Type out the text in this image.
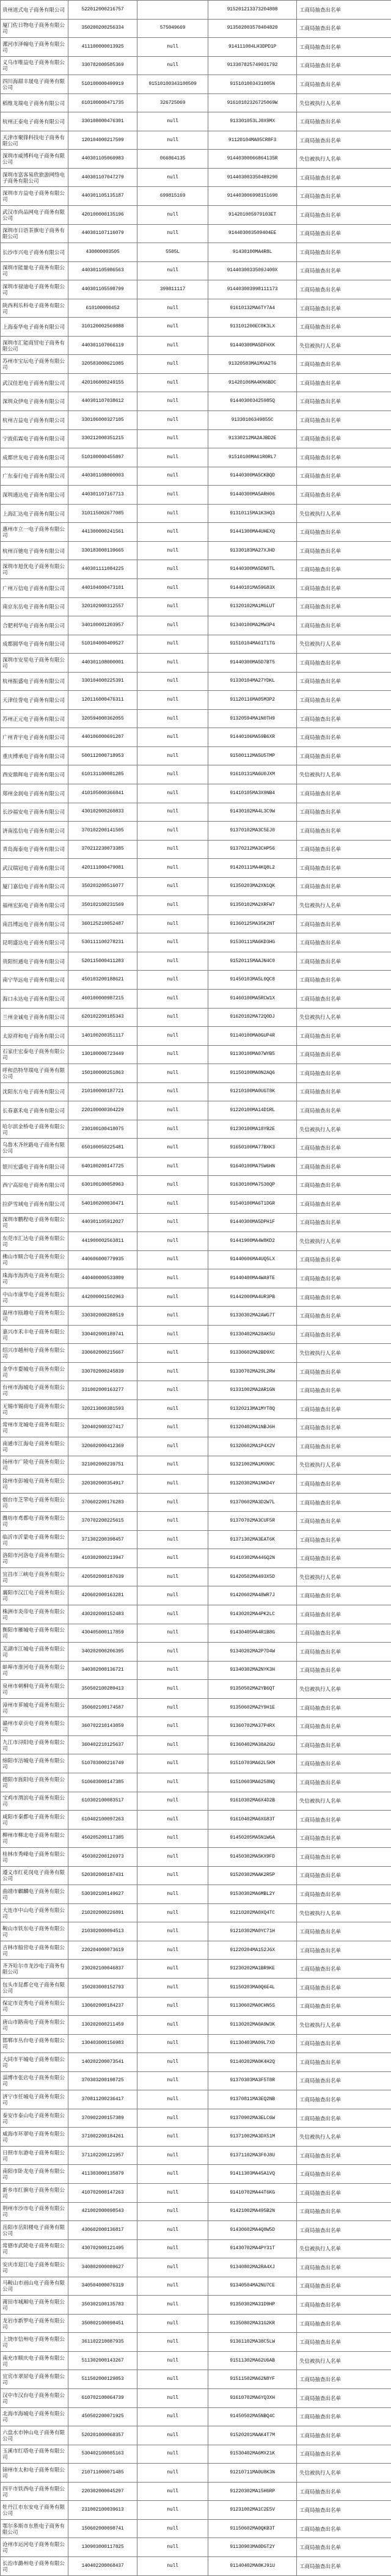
贵州道式电子商务有限公司	522012000216757		915201213373204808	工商局抽查出名单
厦门佐日物电子商务有限公司	350200200256334	575049669	913502003570404820	工商局抽查出名单
漯河市泽翰电子商务有限公司	411100000013925	null	914111004LH3DPD1P	工商局抽查出名单
义乌市唯益电子商务有限公司	330782000585369	null	913307825749031792	工商局抽查出名单
四川海甜丰晟电子商务有限公司	510100000499919	91510100343100509	915101003431005N	工商局抽查出名单
稻维龙瑞电子商务有限公司	610100000471735	326725069	91610102326725069W	失信被执行人名单
杭州正泰电子商务有限公司	330108000476301	null	913301053LJ0X9MX	工商局抽查出名单
天津市聚锋科技电子商务有限公司	120104000217599	null	91120104MA05CR8F3	工商局抽查出名单
深圳市威博科电子商务有限公司	440301105060983	066864135	91440300066864135R	失信被执行人名单
深圳市富客易欣旅游网络电子商务有限公司	440301107047279	null	914403003350489290	工商局抽查出名单
深圳市方益电子商务有限公司	440301105135187	699815169	914403006998151690	工商局抽查出名单
武汉市尚品网电子商务有限公司	420100000135196	null	914201005979103ET	工商局抽查出名单
深圳市日语茶旗电子商务有限公司	440301107116079	null	914403003509404EE	工商局抽查出名单
长沙市兴电子商务有限公司	430000003505	5505L	91430100MA4R8L	工商局抽查出名单
深圳市能量电子商务有限公司	440301105986563	null	9144030033509J400X	工商局抽查出名单
深圳市禄迪电子商务有限公司	440301105598799	399811117	914403003998111173	工商局抽查出名单
陕西利乐科电子商务有限公司	610100000452	null	91610132MA6TY7A4	工商局抽查出名单
上海泰华电子商务有限公司	310120002569888	null	913101200EC0K3LX	工商局抽查出名单
深圳市汇能商贸电子商务有限公司	440301107066119	null	91440300MA5DFHXK	失信被执行人名单
苏州市宝坛电子商务有限公司	320583000621085	null	91320583MA1MXA2T6	工商局抽查出名单
武汉佳思电子商务有限公司	420106000249155	null	91420106MA4KN6BDC	工商局抽查出名单
深圳众伊电子商务有限公司	440301107038612	null	914403003425985Q	工商局抽查出名单
杭州吉益电子商务有限公司	330106000327105	null	91330106349855C	工商局抽查出名单
宁波佑霖电子商务有限公司	330212000351215	null	91330212MA2AJBD2E	工商局抽查出名单
成都世友电子商务有限公司	510100000455897	null	91510100MA61R0RL7	工商局抽查出名单
广东泰行电子商务有限公司	440301108000003	null	91440300MA5CKBQD	工商局抽查出名单
深圳通达电子商务有限公司	440301107167713	null	91440300MA5ARH06	工商局抽查出名单
上海汇达电子商务有限公司	310115002677085	null	91310115MA1K3HQ3	失信被执行人名单
惠州市立一电子商务有限公司	441300000241561	null	91441300MA4UHEXQ	工商局抽查出名单
杭州百驰电子商务有限公司	330183000139665	null	91330183MA27XJHD	工商局抽查出名单
深圳市旭优电子商务有限公司	440301111084225	null	91440300MA5DN0TL	工商局抽查出名单
广州万信电子商务有限公司	440104000473101	null	91440101MA59G83X	工商局抽查出名单
南京东岳电子商务有限公司	320102000312557	null	91320102MA1MGLUT	工商局抽查出名单
合肥利华电子商务有限公司	340100001203957	null	91340100MA2MW3P4	工商局抽查出名单
成都圆华电子商务有限公司	510104000409527	null	91510104MA61T1TG	失信被执行人名单
深圳市安星电子商务有限公司	440301108000001	null	91440300MA5D7BT5	工商局抽查出名单
杭州振盛电子商务有限公司	330104000225391	null	91330104MA27YDKL	工商局抽查出名单
天津佳誉电子商务有限公司	120116000476311	null	91120116MA05M3P2	工商局抽查出名单
苏州正元电子商务有限公司	320594000362055	null	91320594MA1N0TH9	工商局抽查出名单
广州青宇电子商务有限公司	440106000691207	null	91440106MA59B6XR	工商局抽查出名单
重庆博承电子商务有限公司	500112000718953	null	91500112MA5U5TMP	工商局抽查出名单
西安鼎辉电子商务有限公司	610131100081285	null	91610131MA6U0JXM	失信被执行人名单
郑州金润电子商务有限公司	410105000366841	null	91410105MA3X9NB4	工商局抽查出名单
长沙福安电子商务有限公司	430102000260833	null	91430102MA4L3C9W	工商局抽查出名单
济南泓信电子商务有限公司	370102200141505	null	91370102MA3C5EJ0	工商局抽查出名单
青岛海泰电子商务有限公司	370212230073385	null	91370212MA3CHP56	工商局抽查出名单
武汉瑞冠电子商务有限公司	420111000479081	null	91420111MA4KQ8L2	工商局抽查出名单
厦门嘉信电子商务有限公司	350203200516077	null	91350203MA2XN1QK	工商局抽查出名单
福州宏拓电子商务有限公司	350102100231569	null	91350102MA2XRFW7	失信被执行人名单
南昌博远电子商务有限公司	360125210052487	null	91360125MA35K2NT	工商局抽查出名单
昆明盛达电子商务有限公司	530111100278231	null	91530111MA6KD3HG	工商局抽查出名单
贵阳恒通电子商务有限公司	520115000411283	null	91520115MAAJN4C0	工商局抽查出名单
南宁华远电子商务有限公司	450103200188621	null	91450103MA5L0QC8	工商局抽查出名单
海口永达电子商务有限公司	460100000987215	null	91460100MA5RCW1X	工商局抽查出名单
兰州金诚电子商务有限公司	620102200185343	null	91620102MA72Q0DJ	失信被执行人名单
太原祥和电子商务有限公司	140100200351117	null	91140100MA0GUP4R	工商局抽查出名单
石家庄宏泰电子商务有限公司	130100000723449	null	91130100MA07WYB5	工商局抽查出名单
呼和浩特华瑞电子商务有限公司	150100000251863	null	91150100MA0N2AQ6	工商局抽查出名单
沈阳东方电子商务有限公司	210100000187721	null	91210100MA0UGT8K	工商局抽查出名单
长春嘉禾电子商务有限公司	220100000304229	null	91220100MA14D1RL	工商局抽查出名单
哈尔滨金桥电子商务有限公司	230100100418075	null	91230100MA18YB2E	失信被执行人名单
乌鲁木齐丝路电子商务有限公司	650100050225481	null	91650100MA77BXK3	工商局抽查出名单
银川宏盛电子商务有限公司	640100200147725	null	91640100MA75W6HN	工商局抽查出名单
西宁高原电子商务有限公司	630100100058963	null	91630100MA7530QP	工商局抽查出名单
拉萨雪域电子商务有限公司	540100200030471	null	91540100MA6T1DGR	工商局抽查出名单
深圳市鹏程电子商务有限公司	440301105912027	null	91440300MA5DPH1F	工商局抽查出名单
东莞市汇达电子商务有限公司	441900002563811	null	91441900MA4W8KD2	失信被执行人名单
佛山市顺合电子商务有限公司	440606000779935	null	91440606MA4UQ5LX	工商局抽查出名单
珠海市海湾电子商务有限公司	440400000533809	null	91440400MA4WA9TE	工商局抽查出名单
中山市康华电子商务有限公司	442000001502963	null	91442000MA4UR3PB	工商局抽查出名单
温州市瓯越电子商务有限公司	330302000288519	null	91330302MA2AWG7T	工商局抽查出名单
嘉兴市禾丰电子商务有限公司	330402000189741	null	91330402MA28AK5U	工商局抽查出名单
绍兴市越州电子商务有限公司	330602000215667	null	91330602MA2BD9XC	失信被执行人名单
金华市婺城电子商务有限公司	330702000245839	null	91330702MA29L2RW	工商局抽查出名单
台州市海城电子商务有限公司	331002000163277	null	91331002MA2AR1GN	工商局抽查出名单
无锡市锡商电子商务有限公司	320213000381593	null	91320213MA1MYT8Q	工商局抽查出名单
常州市龙城电子商务有限公司	320402000327417	null	91320402MA1NBJ6H	工商局抽查出名单
南通市江海电子商务有限公司	320602000412369	null	91320602MA1P4X2V	工商局抽查出名单
扬州市广陵电子商务有限公司	321002000239751	null	91321002MA1MXN9C	失信被执行人名单
徐州市彭城电子商务有限公司	320302000354917	null	91320302MA1NKD4Y	工商局抽查出名单
烟台市芝罘电子商务有限公司	370602200176283	null	91370602MA3D2W7L	工商局抽查出名单
潍坊市鸢都电子商务有限公司	370702200225615	null	91370702MA3CUF5R	工商局抽查出名单
临沂市沂蒙电子商务有限公司	371302200398457	null	91371302MA3EAT6K	工商局抽查出名单
洛阳市河洛电子商务有限公司	410302000213947	null	91410302MA44GQ2N	工商局抽查出名单
宜昌市三峡电子商务有限公司	420502000187639	null	91420502MA493X5D	失信被执行人名单
襄阳市汉江电子商务有限公司	420602000163281	null	91420602MA48WR7J	工商局抽查出名单
株洲市炎帝电子商务有限公司	430202000152483	null	91430202MA4PK2LC	工商局抽查出名单
衡阳市雁城电子商务有限公司	430405000117859	null	91430405MA4R1B8G	工商局抽查出名单
芜湖市江城电子商务有限公司	340202000206395	null	91340202MA2P7D4W	工商局抽查出名单
蚌埠市淮河电子商务有限公司	340302000136721	null	91340302MA2NYK3H	工商局抽查出名单
泉州市刺桐电子商务有限公司	350502100289413	null	91350502MA2YB6QT	失信被执行人名单
漳州市芗城电子商务有限公司	350602100174587	null	91350602MA2Y9H1E	工商局抽查出名单
赣州市章贡电子商务有限公司	360702210143859	null	91360702MA37P4RX	工商局抽查出名单
九江市浔阳电子商务有限公司	360402210125637	null	91360402MA38A2GU	工商局抽查出名单
绵阳市涪城电子商务有限公司	510703000216749	null	91510703MA62L5KM	工商局抽查出名单
德阳市旌阳电子商务有限公司	510603000147385	null	91510603MA6258NQ	工商局抽查出名单
宝鸡市渭滨电子商务有限公司	610302100083517	null	91610302MA6X4D2B	失信被执行人名单
咸阳市秦都电子商务有限公司	610402100097263	null	91610402MA6XG83T	工商局抽查出名单
柳州市柳北电子商务有限公司	450205200117385	null	91450205MA5N1W6A	工商局抽查出名单
桂林市秀峰电子商务有限公司	450302200126973	null	91450302MA5KX9FD	工商局抽查出名单
遵义市红花岗电子商务有限公司	520302000187431	null	91520302MAAK2R5P	工商局抽查出名单
曲靖市麒麟电子商务有限公司	530302100149627	null	91530302MA6MBL2Y	工商局抽查出名单
大连市中山电子商务有限公司	210202000226891	null	91210202MA0XQ4TC	失信被执行人名单
鞍山市铁东电子商务有限公司	210302000094513	null	91210302MA0YC71H	工商局抽查出名单
吉林市船营电子商务有限公司	220204000073619	null	91220204MA152J6X	工商局抽查出名单
齐齐哈尔市龙沙电子商务有限公司	230202100046837	null	91230202MA1BR9KE	工商局抽查出名单
包头市昆都仑电子商务有限公司	150203000152793	null	91150203MA0Q6E4L	工商局抽查出名单
保定市竞秀电子商务有限公司	130602000184237	null	91130602MA0CHN5S	工商局抽查出名单
唐山市路南电子商务有限公司	130202000211459	null	91130202MA0A9W3K	失信被执行人名单
邯郸市丛台电子商务有限公司	130403000156983	null	91130403MA09L7XD	工商局抽查出名单
大同市平城电子商务有限公司	140202200073541	null	91140202MA0K4H2Q	工商局抽查出名单
淄博市张店电子商务有限公司	370303200198725	null	91370303MA3F5T8R	工商局抽查出名单
济宁市任城电子商务有限公司	370811200236417	null	91370811MA3EQ2NB	工商局抽查出名单
泰安市泰山电子商务有限公司	370902200157389	null	91370902MA3ELC6W	工商局抽查出名单
威海市环翠电子商务有限公司	371002200184261	null	91371002MA3DX51M	失信被执行人名单
日照市东港电子商务有限公司	371102200121957	null	91371102MA3F0J8U	工商局抽查出名单
南阳市卧龙电子商务有限公司	411303000135879	null	91411303MA45A1VQ	工商局抽查出名单
新乡市红旗电子商务有限公司	410702000147263	null	91410702MA44T6KG	工商局抽查出名单
荆州市沙市电子商务有限公司	421002000098543	null	91421002MA495B2N	工商局抽查出名单
岳阳市岳阳楼电子商务有限公司	430602000136817	null	91430602MA4Q8W5D	工商局抽查出名单
常德市武陵电子商务有限公司	430702000121495	null	91430702MA4PY31T	失信被执行人名单
安庆市迎江电子商务有限公司	340802000089627	null	91340802MA2RA4XJ	工商局抽查出名单
马鞍山市雨山电子商务有限公司	340504000076319	null	91340504MA2NU7CE	工商局抽查出名单
莆田市城厢电子商务有限公司	350302100135783	null	91350302MA31D9HP	工商局抽查出名单
龙岩市新罗电子商务有限公司	350802100098451	null	91350802MA31G2KR	工商局抽查出名单
上饶市信州电子商务有限公司	361102210087935	null	91361102MA38C5LW	工商局抽查出名单
南充市顺庆电子商务有限公司	511302000143267	null	91511302MA62U6AB	失信被执行人名单
宜宾市翠屏电子商务有限公司	511502000129853	null	91511502MA62N8YF	工商局抽查出名单
汉中市汉台电子商务有限公司	610702100064739	null	91610702MA6YQ3XH	工商局抽查出名单
北海市海城电子商务有限公司	450502200071925	null	91450502MA5NBQ4C	工商局抽查出名单
六盘水市钟山电子商务有限公司	520201000068357	null	91520201MAAK4T7M	工商局抽查出名单
玉溪市红塔电子商务有限公司	530402100085163	null	91530402MA6MX21K	工商局抽查出名单
锦州市太和电子商务有限公司	210711000071485	null	91210711MA0U8K3N	失信被执行人名单
四平市铁西电子商务有限公司	220302000045297	null	91220302MA15H6RP	工商局抽查出名单
牡丹江市东安电子商务有限公司	231002100039613	null	91231002MA1C2E5V	工商局抽查出名单
鄂尔多斯市东胜电子商务有限公司	150602000098741	null	91150602MA0QKB3T	工商局抽查出名单
沧州市运河电子商务有限公司	130903000117825	null	91130903MA0DGT2Y	工商局抽查出名单
长治市潞州电子商务有限公司	140402200068437	null	91140402MA0KJ91U	工商局抽查出名单
